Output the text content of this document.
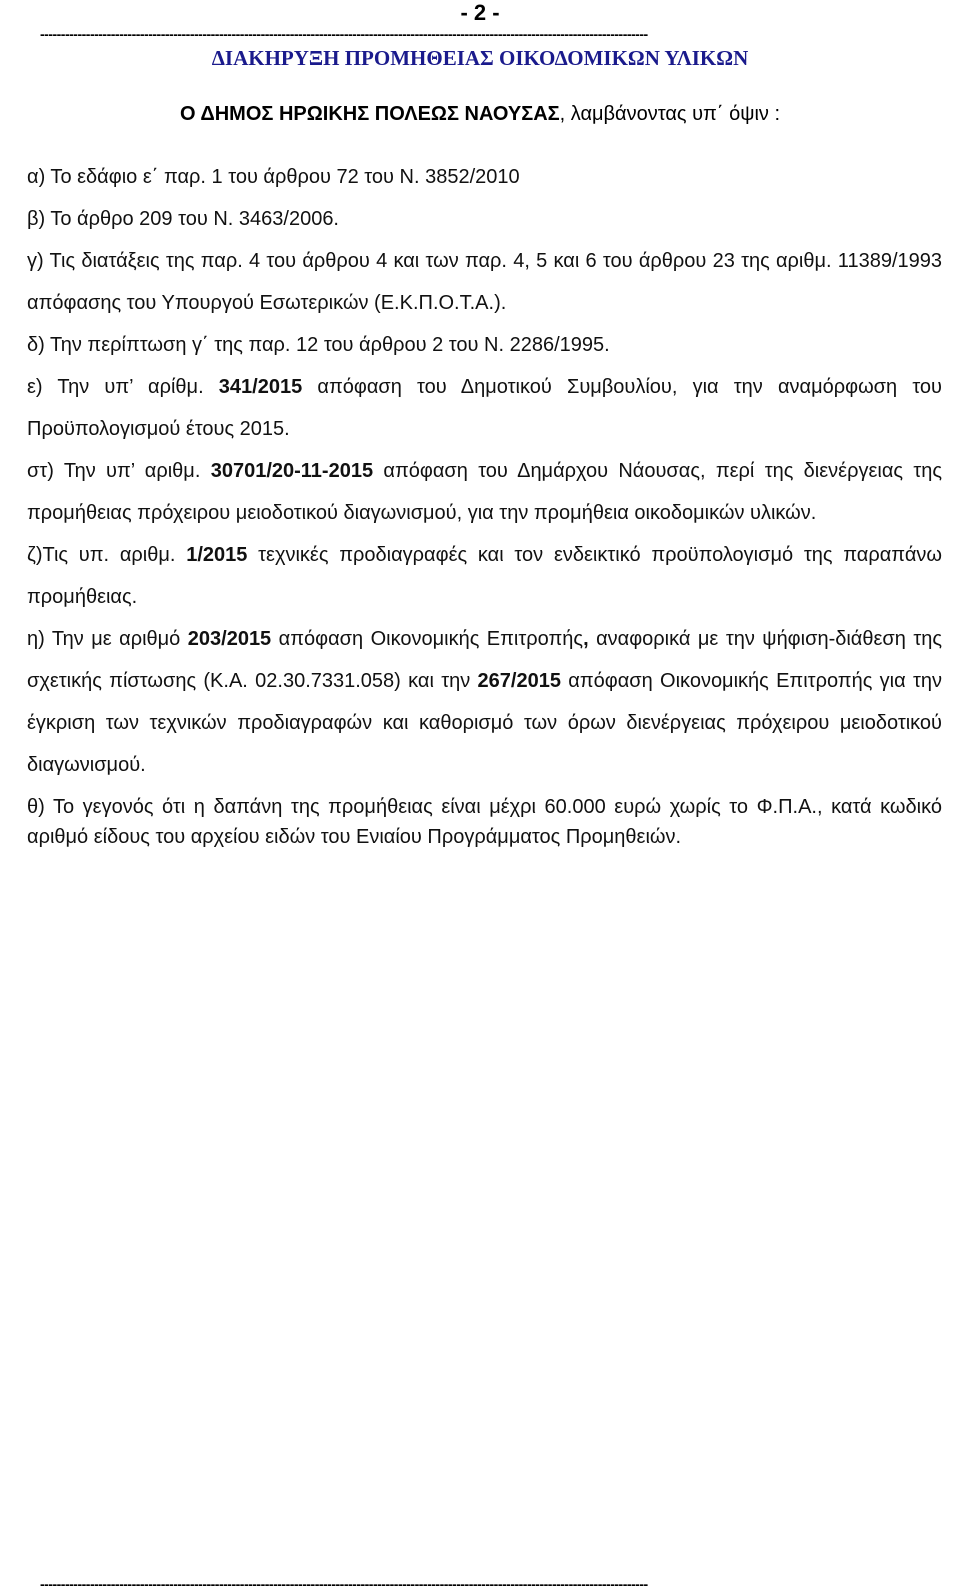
- 2 -
--------------------------------------------------------------------------------------------------------------------------------------------------
ΔΙΑΚΗΡΥΞΗ ΠΡΟΜΗΘΕΙΑΣ ΟΙΚΟΔΟΜΙΚΩΝ ΥΛΙΚΩΝ
Ο ΔΗΜΟΣ ΗΡΩΙΚΗΣ ΠΟΛΕΩΣ ΝΑΟΥΣΑΣ, λαμβάνοντας υπ΄ όψιν :

α) Το εδάφιο ε΄ παρ. 1 του άρθρου 72 του Ν. 3852/2010

β) Το άρθρο 209 του Ν. 3463/2006.

γ) Τις διατάξεις της παρ. 4 του άρθρου 4 και των παρ. 4, 5 και 6 του άρθρου 23 της αριθμ. 11389/1993 απόφασης του Υπουργού Εσωτερικών (Ε.Κ.Π.Ο.Τ.Α.).

δ) Την περίπτωση γ΄ της παρ. 12 του άρθρου 2 του Ν. 2286/1995.

ε) Την υπ’ αρίθμ. 341/2015 απόφαση του Δημοτικού Συμβουλίου, για την αναμόρφωση του Προϋπολογισμού έτους 2015.

στ) Την υπ’ αριθμ. 30701/20-11-2015 απόφαση του Δημάρχου Νάουσας, περί της διενέργειας της προμήθειας πρόχειρου μειοδοτικού διαγωνισμού, για την προμήθεια οικοδομικών υλικών.

ζ)Τις υπ. αριθμ. 1/2015 τεχνικές προδιαγραφές και τον ενδεικτικό προϋπολογισμό της παραπάνω προμήθειας.

η) Την με αριθμό 203/2015 απόφαση Οικονομικής Επιτροπής, αναφορικά με την ψήφιση-διάθεση της σχετικής πίστωσης (Κ.Α. 02.30.7331.058) και την 267/2015 απόφαση Οικονομικής Επιτροπής για την έγκριση των τεχνικών προδιαγραφών και καθορισμό των όρων διενέργειας πρόχειρου μειοδοτικού διαγωνισμού.

θ) Το γεγονός ότι η δαπάνη της προμήθειας είναι μέχρι 60.000 ευρώ χωρίς το Φ.Π.Α., κατά κωδικό αριθμό είδους του αρχείου ειδών του Ενιαίου Προγράμματος Προμηθειών.

--------------------------------------------------------------------------------------------------------------------------------------------------
